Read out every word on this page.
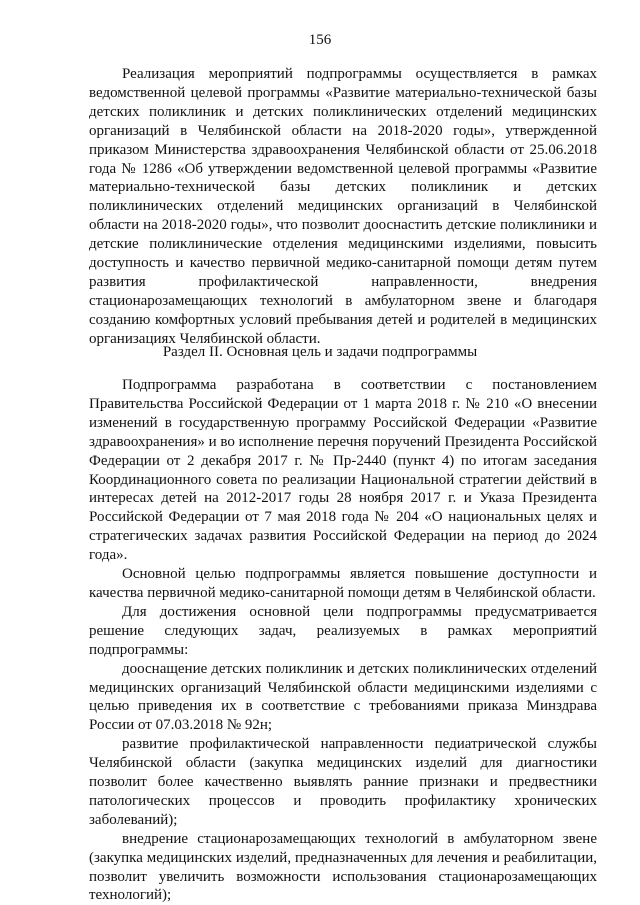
156

Реализация мероприятий подпрограммы осуществляется в рамках ведомственной целевой программы «Развитие материально-технической базы детских поликлиник и детских поликлинических отделений медицинских организаций в Челябинской области на 2018-2020 годы», утвержденной приказом Министерства здравоохранения Челябинской области от 25.06.2018 года № 1286 «Об утверждении ведомственной целевой программы «Развитие материально-технической базы детских поликлиник и детских поликлинических отделений медицинских организаций в Челябинской области на 2018-2020 годы», что позволит дооснастить детские поликлиники и детские поликлинические отделения медицинскими изделиями, повысить доступность и качество первичной медико-санитарной помощи детям путем развития профилактической направленности, внедрения стационарозамещающих технологий в амбулаторном звене и благодаря созданию комфортных условий пребывания детей и родителей в медицинских организациях Челябинской области.

Раздел II. Основная цель и задачи подпрограммы

Подпрограмма разработана в соответствии с постановлением Правительства Российской Федерации от 1 марта 2018 г. № 210 «О внесении изменений в государственную программу Российской Федерации «Развитие здравоохранения» и во исполнение перечня поручений Президента Российской Федерации от 2 декабря 2017 г. № Пр-2440 (пункт 4) по итогам заседания Координационного совета по реализации Национальной стратегии действий в интересах детей на 2012-2017 годы 28 ноября 2017 г. и Указа Президента Российской Федерации от 7 мая 2018 года № 204 «О национальных целях и стратегических задачах развития Российской Федерации на период до 2024 года».

Основной целью подпрограммы является повышение доступности и качества первичной медико-санитарной помощи детям в Челябинской области.

Для достижения основной цели подпрограммы предусматривается решение следующих задач, реализуемых в рамках мероприятий подпрограммы:

дооснащение детских поликлиник и детских поликлинических отделений медицинских организаций Челябинской области медицинскими изделиями с целью приведения их в соответствие с требованиями приказа Минздрава России от 07.03.2018 № 92н;

развитие профилактической направленности педиатрической службы Челябинской области (закупка медицинских изделий для диагностики позволит более качественно выявлять ранние признаки и предвестники патологических процессов и проводить профилактику хронических заболеваний);

внедрение стационарозамещающих технологий в амбулаторном звене (закупка медицинских изделий, предназначенных для лечения и реабилитации, позволит увеличить возможности использования стационарозамещающих технологий);
